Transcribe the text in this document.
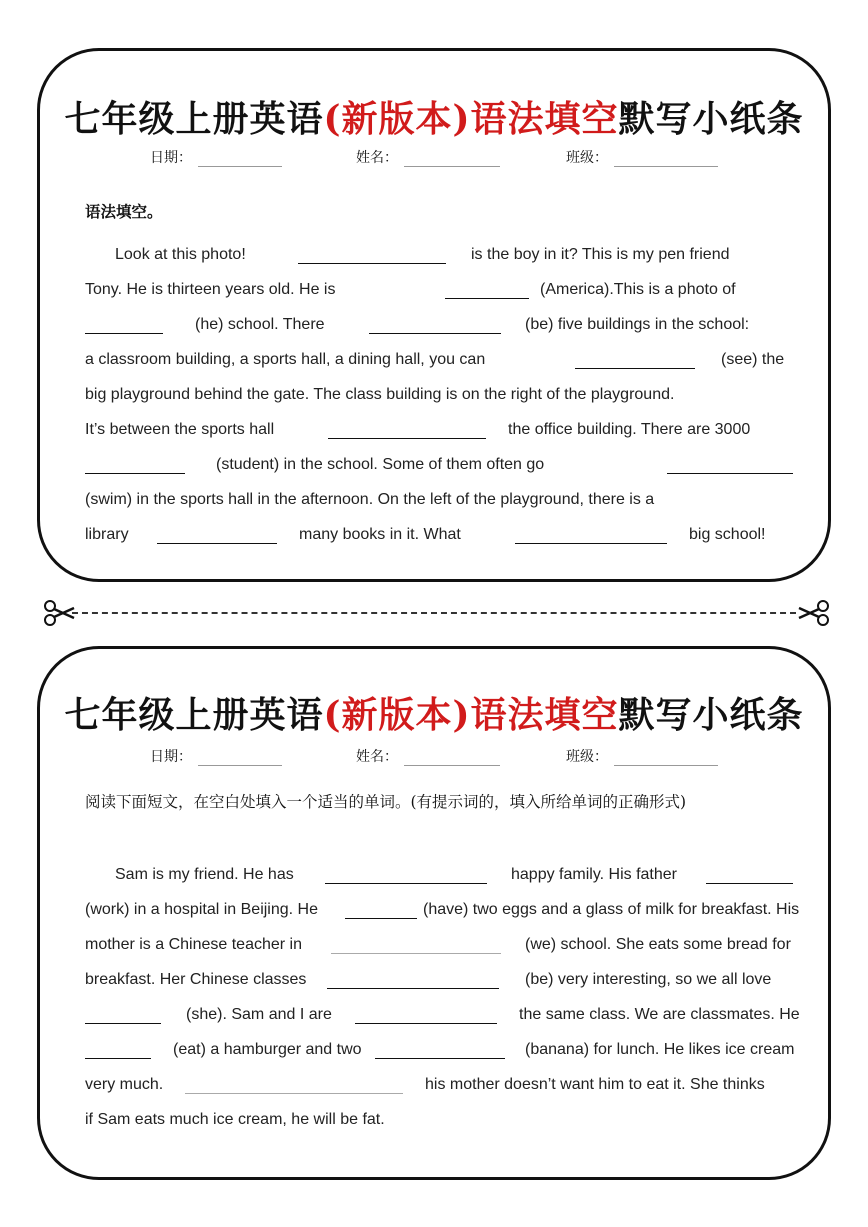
七年级上册英语(新版本)语法填空默写小纸条
日期：	姓名：	班级：
语法填空。
Look at this photo!	is the boy in it? This is my pen friend
Tony. He is thirteen years old. He is	(America).This is a photo of
(he) school. There	(be) five buildings in the school:
a classroom building, a sports hall, a dining hall, you can	(see) the
big playground behind the gate. The class building is on the right of the playground.
It’s between the sports hall	the office building. There are 3000
(student) in the school. Some of them often go
(swim) in the sports hall in the afternoon. On the left of the playground, there is a
library	many books in it. What	big school!
七年级上册英语(新版本)语法填空默写小纸条
日期：	姓名：	班级：
阅读下面短文，在空白处填入一个适当的单词。(有提示词的，填入所给单词的正确形式)
Sam is my friend. He has	happy family. His father
(work) in a hospital in Beijing. He	(have) two eggs and a glass of milk for breakfast. His
mother is a Chinese teacher in	(we) school. She eats some bread for
breakfast. Her Chinese classes	(be) very interesting, so we all love
(she). Sam and I are	the same class. We are classmates. He
(eat) a hamburger and two	(banana) for lunch. He likes ice cream
very much.	his mother doesn’t want him to eat it. She thinks
if Sam eats much ice cream, he will be fat.
